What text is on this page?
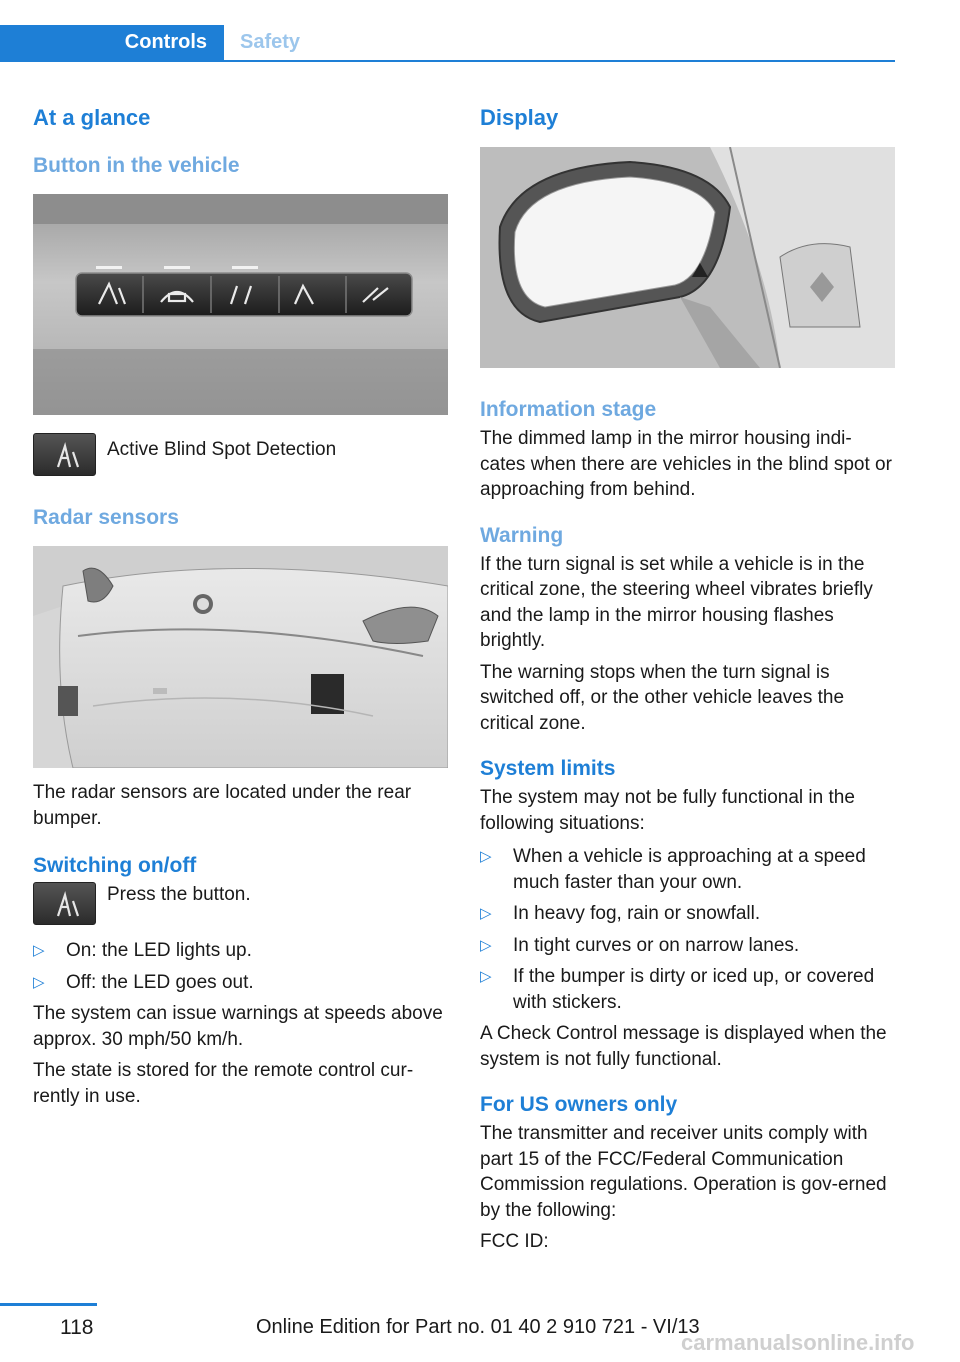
Controls	Safety
At a glance
Button in the vehicle
Active Blind Spot Detection
Radar sensors

The radar sensors are located under the rear bumper.

Switching on/off
Press the button.
▷ On: the LED lights up.
▷ Off: the LED goes out.

The system can issue warnings at speeds above approx. 30 mph/50 km/h.

The state is stored for the remote control cur‐rently in use.

Display
Information stage

The dimmed lamp in the mirror housing indi‐cates when there are vehicles in the blind spot or approaching from behind.

Warning

If the turn signal is set while a vehicle is in the critical zone, the steering wheel vibrates briefly and the lamp in the mirror housing flashes brightly.

The warning stops when the turn signal is switched off, or the other vehicle leaves the critical zone.

System limits

The system may not be fully functional in the following situations:

▷ When a vehicle is approaching at a speed much faster than your own.
▷ In heavy fog, rain or snowfall.
▷ In tight curves or on narrow lanes.
▷ If the bumper is dirty or iced up, or covered with stickers.

A Check Control message is displayed when the system is not fully functional.

For US owners only

The transmitter and receiver units comply with part 15 of the FCC/Federal Communication Commission regulations. Operation is gov‐erned by the following:

FCC ID:

118	Online Edition for Part no. 01 40 2 910 721 - VI/13
carmanualsonline.info
